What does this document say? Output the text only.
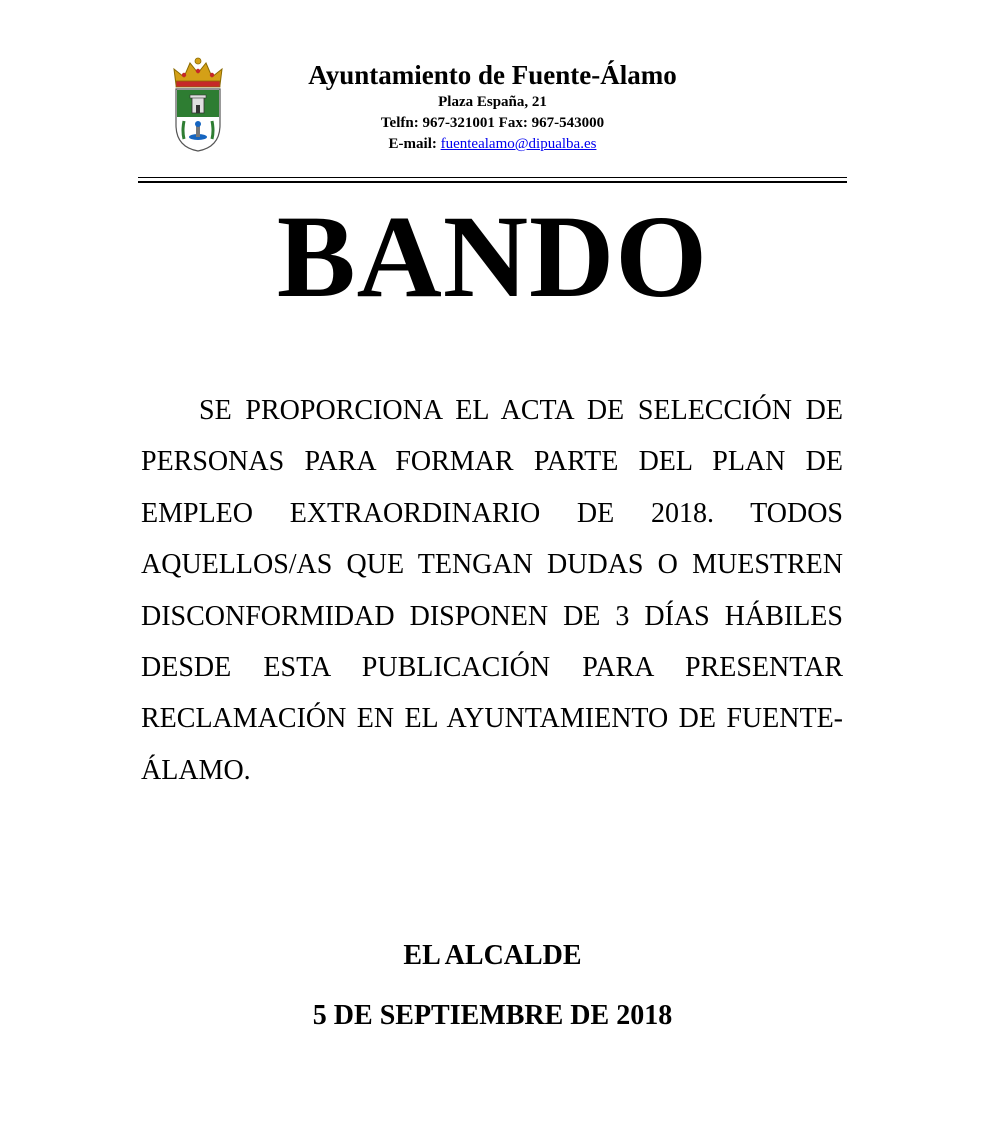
Ayuntamiento de Fuente-Álamo

Plaza España, 21

Telfn: 967-321001 Fax: 967-543000

E-mail: fuentealamo@dipualba.es

BANDO

SE PROPORCIONA EL ACTA DE SELECCIÓN DE PERSONAS PARA FORMAR PARTE DEL PLAN DE EMPLEO EXTRAORDINARIO DE 2018. TODOS AQUELLOS/AS QUE TENGAN DUDAS O MUESTREN DISCONFORMIDAD DISPONEN DE 3 DÍAS HÁBILES DESDE ESTA PUBLICACIÓN PARA PRESENTAR RECLAMACIÓN EN EL AYUNTAMIENTO DE FUENTE-ÁLAMO.

EL ALCALDE

5 DE SEPTIEMBRE DE 2018
